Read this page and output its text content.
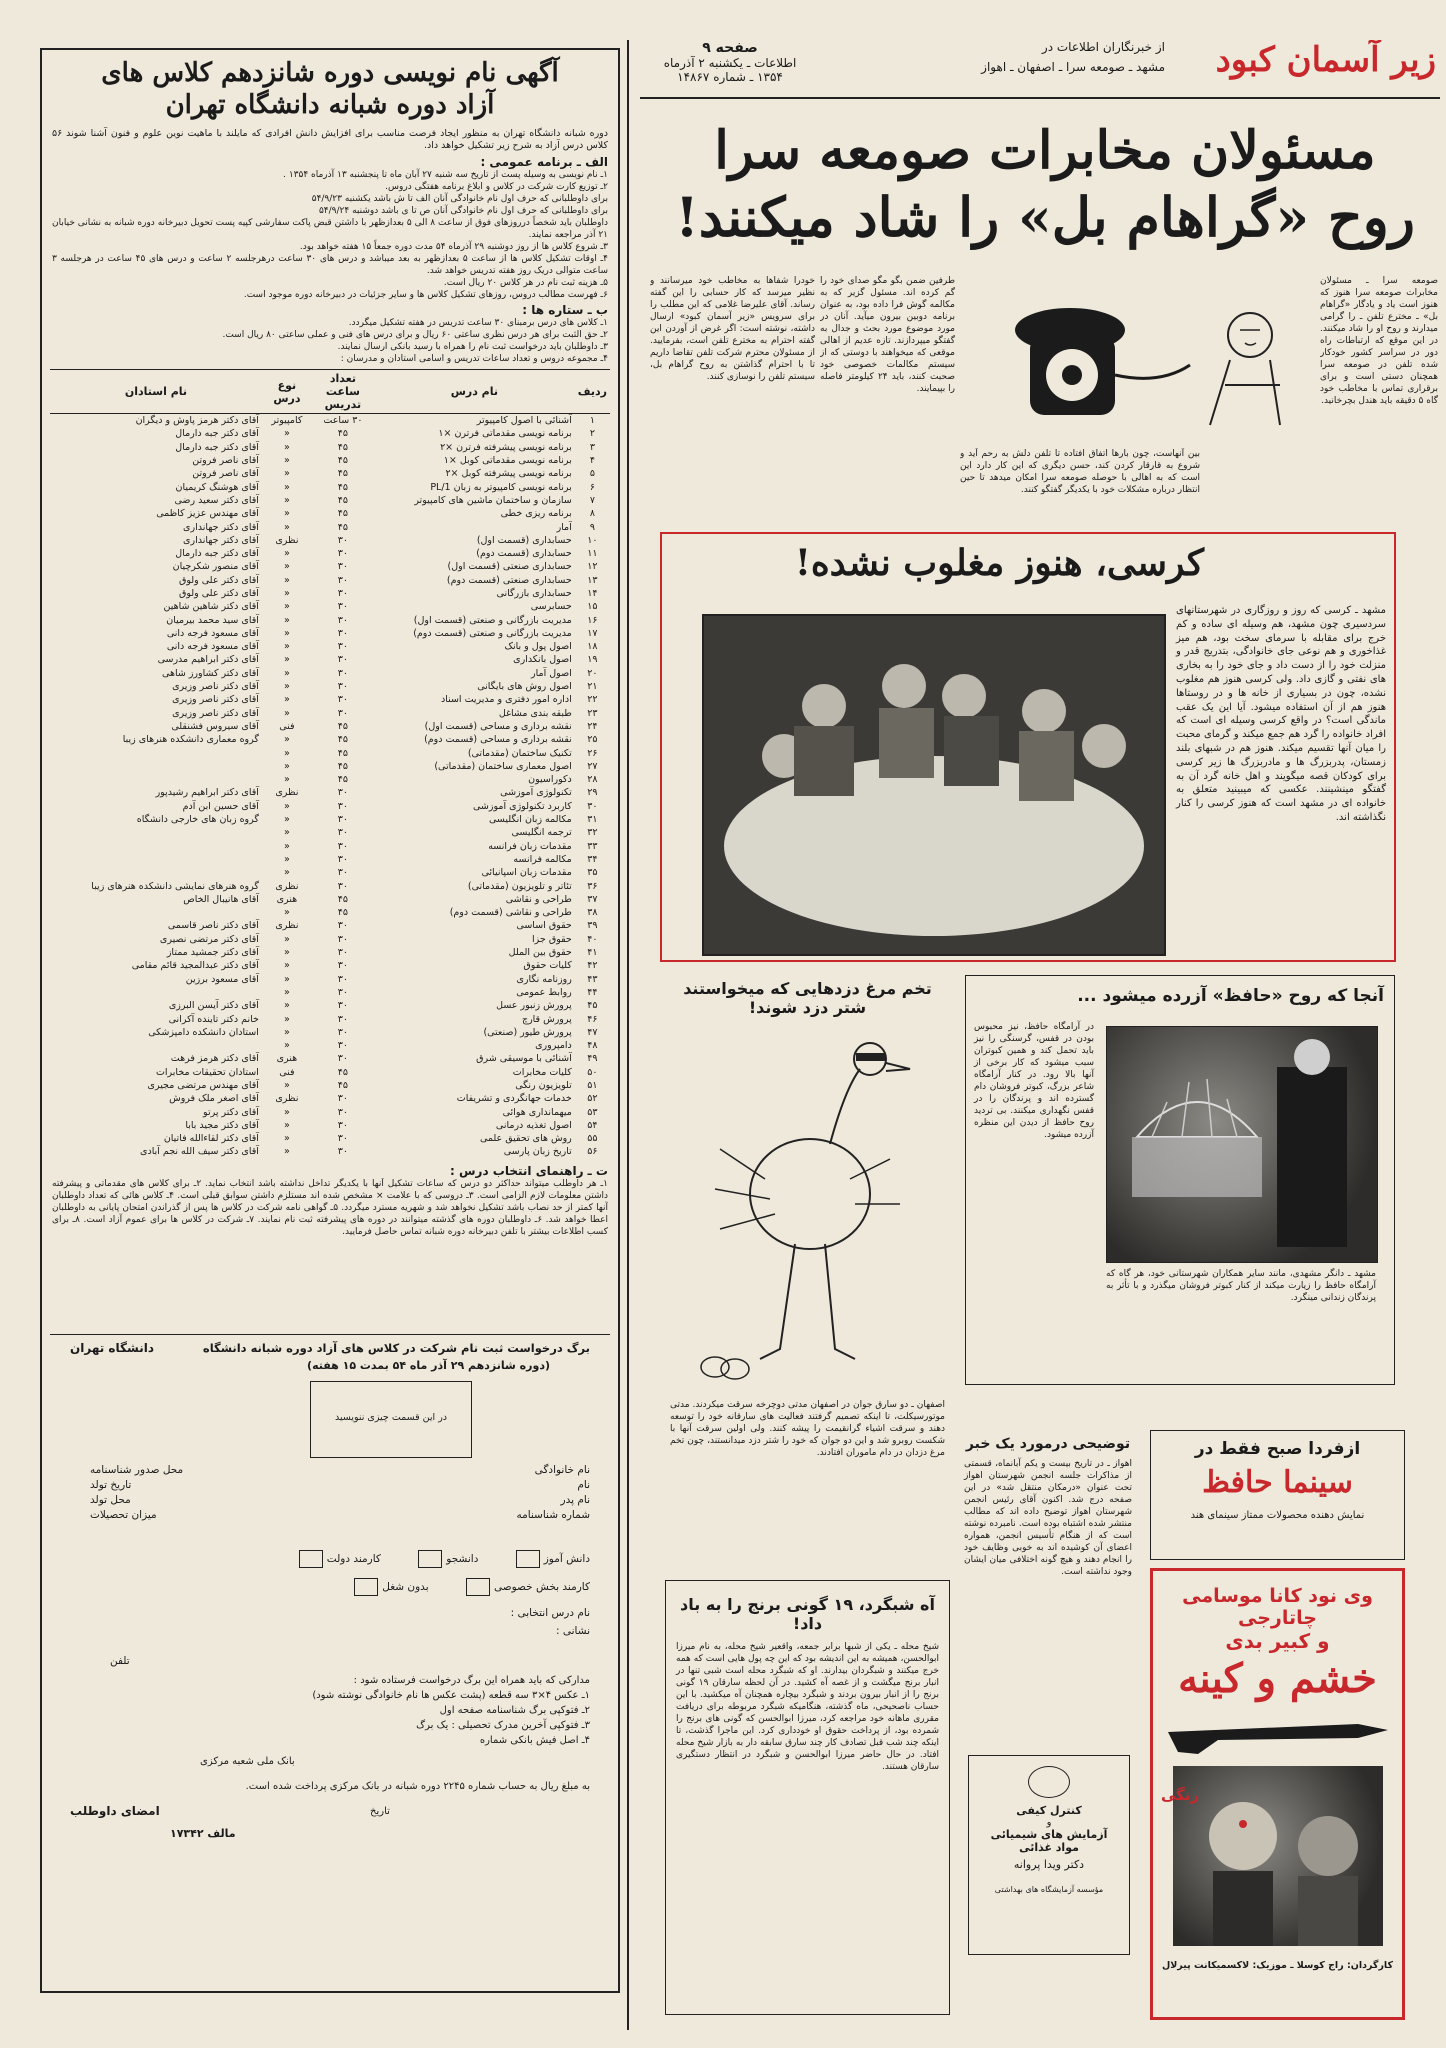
زیر آسمان کبود
از خبرنگاران اطلاعات در
مشهد ـ صومعه سرا ـ اصفهان ـ اهواز
صفحه ۹
اطلاعات ـ یکشنبه ۲ آذرماه
۱۳۵۴ ـ شماره ۱۴۸۶۷
مسئولان مخابرات صومعه سرا
روح «گراهام بل» را شاد میکنند!
صومعه سرا ـ مسئولان مخابرات صومعه سرا هنوز که هنوز است یاد و یادگار «گراهام بل» ـ مخترع تلفن ـ را گرامی میدارند و روح او را شاد میکنند. در این موقع که ارتباطات راه دور در سراسر کشور خودکار شده تلفن در صومعه سرا همچنان دستی است و برای برقراری تماس با مخاطب خود گاه ۵ دقیقه باید هندل بچرخانید.
بین آنهاست، چون بارها اتفاق افتاده تا تلفن دلش به رحم آید و شروع به قارقار کردن کند، حسن دیگری که این کار دارد این است که به اهالی با حوصله صومعه سرا امکان میدهد تا حین انتظار درباره مشکلات خود با یکدیگر گفتگو کنند.
طرفین ضمن بگو مگو صدای خود را گم کرده اند. مسئول گزیر که به مکالمه گوش فرا داده بود، به عنوان برنامه دوبین بیرون میآید. آنان در مورد موضوع مورد بحث و جدال به گفتگو میپردازند. تازه عدیم از اهالی موقعی که میخواهند با دوستی که از سیستم مکالمات خصوصی خود صحبت کنند، باید ۲۴ کیلومتر فاصله را بپیمایند.
خودرا شفاها به مخاطب خود میرسانند و نظیر میرسد که کار حسابی را این گفته رساند. آقای علیرضا غلامی که این مطلب را برای سرویس «زیر آسمان کبود» ارسال داشته، نوشته است: اگر غرض از آوردن این گفته احترام به مخترع تلفن است، بفرمایید. از مسئولان محترم شرکت تلفن تقاضا داریم تا با احترام گذاشتن به روح گراهام بل، سیستم تلفن را نوسازی کنند.
کرسی، هنوز مغلوب نشده!
مشهد ـ کرسی که روز و روزگاری در شهرستانهای سردسیری چون مشهد، هم وسیله ای ساده و کم خرج برای مقابله با سرمای سخت بود، هم میز غذاخوری و هم نوعی جای خانوادگی، بتدریج قدر و منزلت خود را از دست داد و جای خود را به بخاری های نفتی و گازی داد. ولی کرسی هنوز هم مغلوب نشده، چون در بسیاری از خانه ها و در روستاها هنوز هم از آن استفاده میشود. آیا این یک عقب ماندگی است؟ در واقع کرسی وسیله ای است که افراد خانواده را گرد هم جمع میکند و گرمای محبت را میان آنها تقسیم میکند. هنوز هم در شبهای بلند زمستان، پدربزرگ ها و مادربزرگ ها زیر کرسی برای کودکان قصه میگویند و اهل خانه گرد آن به گفتگو مینشینند. عکسی که میبینید متعلق به خانواده ای در مشهد است که هنوز کرسی را کنار نگذاشته اند.
آنجا که روح «حافظ» آزرده میشود ...
در آرامگاه حافظ، نیز محبوس بودن در قفس، گرسنگی را نیز باید تحمل کند و همین کبوتران سبب میشود که کار برخی از آنها بالا رود. در کنار آرامگاه شاعر بزرگ، کبوتر فروشان دام گسترده اند و پرندگان را در قفس نگهداری میکنند. بی تردید روح حافظ از دیدن این منظره آزرده میشود.
مشهد ـ دانگر مشهدی، مانند سایر همکاران شهرستانی خود، هر گاه که آرامگاه حافظ را زیارت میکند از کنار کبوتر فروشان میگذرد و با تأثر به پرندگان زندانی مینگرد.
تخم مرغ دزدهایی که میخواستند شتر دزد شوند!
اصفهان ـ دو سارق جوان در اصفهان مدتی دوچرخه سرقت میکردند. مدتی موتورسیکلت، تا اینکه تصمیم گرفتند فعالیت های سارقانه خود را توسعه دهند و سرقت اشیاء گرانقیمت را پیشه کنند. ولی اولین سرقت آنها با شکست روبرو شد و این دو جوان که خود را شتر دزد میدانستند، چون تخم مرغ دزدان در دام ماموران افتادند.
آه شبگرد، ۱۹ گونی برنج را به باد داد!
شیخ محله ـ یکی از شبها برابر جمعه، واقعیر شیخ محله، به نام میرزا ابوالحسن، همیشه به این اندیشه بود که این چه پول هایی است که همه خرج میکنند و شبگردان بیدارند. او که شبگرد محله است شبی تنها در انبار برنج میگشت و از غصه آه کشید. در آن لحظه سارقان ۱۹ گونی برنج را از انبار بیرون بردند و شبگرد بیچاره همچنان آه میکشید. با این حساب ناصحیحی، ماه گذشته، هنگامیکه شبگرد مربوطه برای دریافت مقرری ماهانه خود مراجعه کرد، میرزا ابوالحسن که گونی های برنج را شمرده بود، از پرداخت حقوق او خودداری کرد. این ماجرا گذشت، تا اینکه چند شب قبل تصادف کار چند سارق سابقه دار به بازار شیخ محله افتاد. در حال حاضر میرزا ابوالحسن و شبگرد در انتظار دستگیری سارقان هستند.
توضیحی درمورد یک خبر
اهواز ـ در تاریخ بیست و یکم آبانماه، قسمتی از مذاکرات جلسه انجمن شهرستان اهواز تحت عنوان «درمکان منتقل شد» در این صفحه درج شد. اکنون آقای رئیس انجمن شهرستان اهواز توضیح داده اند که مطالب منتشر شده اشتباه بوده است. نامبرده نوشته است که از هنگام تأسیس انجمن، همواره اعضای آن کوشیده اند به خوبی وظایف خود را انجام دهند و هیچ گونه اختلافی میان ایشان وجود نداشته است.
کنترل کیفی
و
آزمایش های شیمیائی
مواد غذائی
دکتر ویدا پروانه
مؤسسه آزمایشگاه های بهداشتی
ازفردا صبح فقط در
سینما حافظ
نمایش دهنده محصولات ممتاز سینمای هند
وی نود کانا موسامی چاتارجی
و کبیر بدی
خشم و کینه
رنگی
کارگردان: راج کوسلا ـ موزیک: لاکسمیکانت پیرلال
آگهی نام نویسی دوره شانزدهم کلاس های
آزاد دوره شبانه دانشگاه تهران
دوره شبانه دانشگاه تهران به منظور ایجاد فرصت مناسب برای افزایش دانش افرادی که مایلند با ماهیت نوین علوم و فنون آشنا شوند ۵۶ کلاس درس آزاد به شرح زیر تشکیل خواهد داد.
الف ـ برنامه عمومی :
۱ـ نام نویسی به وسیله پست از تاریخ سه شنبه ۲۷ آبان ماه تا پنجشنبه ۱۳ آذرماه ۱۳۵۴ .
۲ـ توزیع کارت شرکت در کلاس و ابلاغ برنامه هفتگی دروس.
برای داوطلبانی که حرف اول نام خانوادگی آنان الف تا ش باشد یکشنبه ۵۴/۹/۲۳
برای داوطلبانی که حرف اول نام خانوادگی آنان ص تا ی باشد دوشنبه ۵۴/۹/۲۴
داوطلبان باید شخصاً درروزهای فوق از ساعت ۸ الی ۵ بعدازظهر با داشتن قبض پاکت سفارشی کپیه پست تحویل دبیرخانه دوره شبانه به نشانی خیابان ۲۱ آذر مراجعه نمایند.
۳ـ شروع کلاس ها از روز دوشنبه ۲۹ آذرماه ۵۴ مدت دوره جمعاً ۱۵ هفته خواهد بود.
۴ـ اوقات تشکیل کلاس ها از ساعت ۵ بعدازظهر به بعد میباشد و درس های ۳۰ ساعت درهرجلسه ۲ ساعت و درس های ۴۵ ساعت در هرجلسه ۳ ساعت متوالی دریک روز هفته تدریس خواهد شد.
۵ـ هزینه ثبت نام در هر کلاس ۲۰ ریال است.
۶ـ فهرست مطالب دروس، روزهای تشکیل کلاس ها و سایر جزئیات در دبیرخانه دوره موجود است.
ب ـ ستاره ها :
۱ـ کلاس های درس برمبنای ۳۰ ساعت تدریس در هفته تشکیل میگردد.
۲ـ حق الثبت برای هر درس نظری ساعتی ۶۰ ریال و برای درس های فنی و عملی ساعتی ۸۰ ریال است.
۳ـ داوطلبان باید درخواست ثبت نام را همراه با رسید بانکی ارسال نمایند.
۴ـ مجموعه دروس و تعداد ساعات تدریس و اسامی استادان و مدرسان :
ردیف	نام درس	تعداد ساعت تدریس	نوع درس	نام استادان
۱	آشنائی با اصول کامپیوتر	۳۰ ساعت	کامپیوتر	آقای دکتر هرمز پاوش و دیگران
۲	برنامه نویسی مقدماتی فرترن ×۱	۴۵	«	آقای دکتر جبه دارمال
۳	برنامه نویسی پیشرفته فرترن ×۲	۴۵	«	آقای دکتر جبه دارمال
۴	برنامه نویسی مقدماتی کوبل ×۱	۴۵	«	آقای ناصر فروتن
۵	برنامه نویسی پیشرفته کوبل ×۲	۴۵	«	آقای ناصر فروتن
۶	برنامه نویسی کامپیوتر به زبان PL/1	۴۵	«	آقای هوشنگ کریمیان
۷	سازمان و ساختمان ماشین های کامپیوتر	۴۵	«	آقای دکتر سعید رضی
۸	برنامه ریزی خطی	۴۵	«	آقای مهندس عزیز کاظمی
۹	آمار	۴۵	«	آقای دکتر جهانداری
۱۰	حسابداری (قسمت اول)	۳۰	نظری	آقای دکتر جهانداری
۱۱	حسابداری (قسمت دوم)	۳۰	«	آقای دکتر جبه دارمال
۱۲	حسابداری صنعتی (قسمت اول)	۳۰	«	آقای منصور شکرچیان
۱۳	حسابداری صنعتی (قسمت دوم)	۳۰	«	آقای دکتر علی ولوق
۱۴	حسابداری بازرگانی	۳۰	«	آقای دکتر علی ولوق
۱۵	حسابرسی	۳۰	«	آقای دکتر شاهین شاهین
۱۶	مدیریت بازرگانی و صنعتی (قسمت اول)	۳۰	«	آقای سید محمد بیرمیان
۱۷	مدیریت بازرگانی و صنعتی (قسمت دوم)	۳۰	«	آقای مسعود فرجه دانی
۱۸	اصول پول و بانک	۳۰	«	آقای مسعود فرجه دانی
۱۹	اصول بانکداری	۳۰	«	آقای دکتر ابراهیم مدرسی
۲۰	اصول آمار	۳۰	«	آقای دکتر کشاورز شاهی
۲۱	اصول روش های بایگانی	۳۰	«	آقای دکتر ناصر وزیری
۲۲	اداره امور دفتری و مدیریت اسناد	۳۰	«	آقای دکتر ناصر وزیری
۲۳	طبقه بندی مشاغل	۳۰	«	آقای دکتر ناصر وزیری
۲۴	نقشه برداری و مساحی (قسمت اول)	۴۵	فنی	آقای سیروس فشنقلی
۲۵	نقشه برداری و مساحی (قسمت دوم)	۴۵	«	گروه معماری دانشکده هنرهای زیبا
۲۶	تکنیک ساختمان (مقدماتی)	۴۵	«	
۲۷	اصول معماری ساختمان (مقدماتی)	۴۵	«	
۲۸	دکوراسیون	۴۵	«	
۲۹	تکنولوژی آموزشی	۳۰	نظری	آقای دکتر ابراهیم رشیدپور
۳۰	کاربرد تکنولوژی آموزشی	۳۰	«	آقای حسین ابن آدم
۳۱	مکالمه زبان انگلیسی	۳۰	«	گروه زبان های خارجی دانشگاه
۳۲	ترجمه انگلیسی	۳۰	«	
۳۳	مقدمات زبان فرانسه	۳۰	«	
۳۴	مکالمه فرانسه	۳۰	«	
۳۵	مقدمات زبان اسپانیائی	۳۰	«	
۳۶	تئاتر و تلویزیون (مقدماتی)	۳۰	نظری	گروه هنرهای نمایشی دانشکده هنرهای زیبا
۳۷	طراحی و نقاشی	۴۵	هنری	آقای هانیبال الخاص
۳۸	طراحی و نقاشی (قسمت دوم)	۴۵	«	
۳۹	حقوق اساسی	۳۰	نظری	آقای دکتر ناصر قاسمی
۴۰	حقوق جزا	۳۰	«	آقای دکتر مرتضی نصیری
۴۱	حقوق بین الملل	۳۰	«	آقای دکتر جمشید ممتاز
۴۲	کلیات حقوق	۳۰	«	آقای دکتر عبدالمجید قائم مقامی
۴۳	روزنامه نگاری	۳۰	«	آقای مسعود برزین
۴۴	روابط عمومی	۳۰	«	
۴۵	پرورش زنبور عسل	۳۰	«	آقای دکتر آیسن البرزی
۴۶	پرورش قارچ	۳۰	«	خانم دکتر تاینده آکرانی
۴۷	پرورش طیور (صنعتی)	۳۰	«	استادان دانشکده دامپزشکی
۴۸	دامپروری	۳۰	«	
۴۹	آشنائی با موسیقی شرق	۳۰	هنری	آقای دکتر هرمز فرهت
۵۰	کلیات مخابرات	۴۵	فنی	استادان تحقیقات مخابرات
۵۱	تلویزیون رنگی	۴۵	«	آقای مهندس مرتضی مجیری
۵۲	خدمات جهانگردی و تشریفات	۳۰	نظری	آقای اصغر ملک فروش
۵۳	میهمانداری هوائی	۳۰	«	آقای دکتر پرتو
۵۴	اصول تغذیه درمانی	۳۰	«	آقای دکتر مجید بابا
۵۵	روش های تحقیق علمی	۳۰	«	آقای دکتر لقاءالله فاتیان
۵۶	تاریخ زبان پارسی	۳۰	«	آقای دکتر سیف الله نجم آبادی
ت ـ راهنمای انتخاب درس :
۱ـ هر داوطلب میتواند حداکثر دو درس که ساعات تشکیل آنها با یکدیگر تداخل نداشته باشد انتخاب نماید. ۲ـ برای کلاس های مقدماتی و پیشرفته داشتن معلومات لازم الزامی است. ۳ـ دروسی که با علامت × مشخص شده اند مستلزم داشتن سوابق قبلی است. ۴ـ کلاس هائی که تعداد داوطلبان آنها کمتر از حد نصاب باشد تشکیل نخواهد شد و شهریه مسترد میگردد. ۵ـ گواهی نامه شرکت در کلاس ها پس از گذراندن امتحان پایانی به داوطلبان اعطا خواهد شد. ۶ـ داوطلبان دوره های گذشته میتوانند در دوره های پیشرفته ثبت نام نمایند. ۷ـ شرکت در کلاس ها برای عموم آزاد است. ۸ـ برای کسب اطلاعات بیشتر با تلفن دبیرخانه دوره شبانه تماس حاصل فرمایید.
دانشگاه تهران	برگ درخواست ثبت نام شرکت در کلاس های آزاد دوره شبانه دانشگاه
(دوره شانزدهم ۲۹ آذر ماه ۵۴ بمدت ۱۵ هفته)
در این قسمت چیزی ننویسید
نام خانوادگی
نام
نام پدر
شماره شناسنامه
محل صدور شناسنامه
تاریخ تولد
محل تولد
میزان تحصیلات
دانش آموز دانشجو کارمند دولت
کارمند بخش خصوصی بدون شغل
نام درس انتخابی :
نشانی :
تلفن
مدارکی که باید همراه این برگ درخواست فرستاده شود :
۱ـ عکس ۴×۳ سه قطعه (پشت عکس ها نام خانوادگی نوشته شود)
۲ـ فتوکپی برگ شناسنامه صفحه اول
۳ـ فتوکپی آخرین مدرک تحصیلی : یک برگ
۴ـ اصل فیش بانکی شماره
بانک ملی شعبه مرکزی
به مبلغ ریال به حساب شماره ۲۲۴۵ دوره شبانه در بانک مرکزی پرداخت شده است.
تاریخ
امضای داوطلب
مالف ۱۷۳۴۲
